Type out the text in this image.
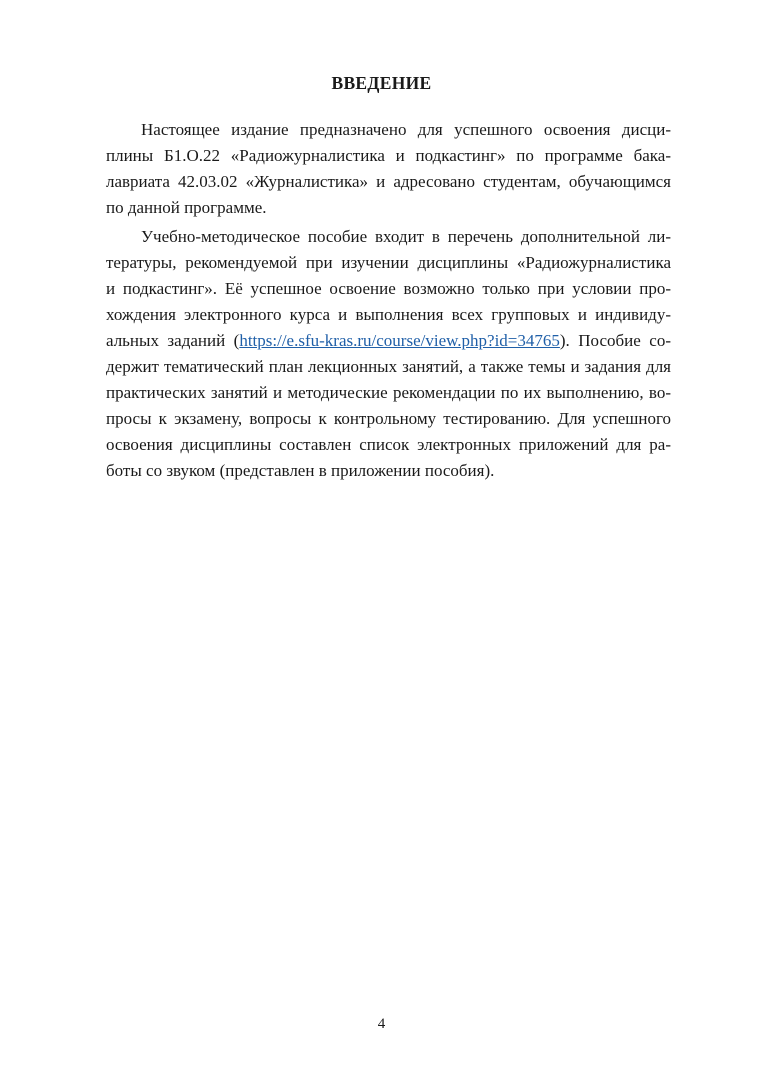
ВВЕДЕНИЕ

Настоящее издание предназначено для успешного освоения дисци-
плины Б1.О.22 «Радиожурналистика и подкастинг» по программе бака-
лавриата 42.03.02 «Журналистика» и адресовано студентам, обучающимся
по данной программе.

Учебно-методическое пособие входит в перечень дополнительной ли-
тературы, рекомендуемой при изучении дисциплины «Радиожурналистика
и подкастинг». Её успешное освоение возможно только при условии про-
хождения электронного курса и выполнения всех групповых и индивиду-
альных заданий (https://e.sfu-kras.ru/course/view.php?id=34765). Пособие со-
держит тематический план лекционных занятий, а также темы и задания для
практических занятий и методические рекомендации по их выполнению, во-
просы к экзамену, вопросы к контрольному тестированию. Для успешного
освоения дисциплины составлен список электронных приложений для ра-
боты со звуком (представлен в приложении пособия).

4
